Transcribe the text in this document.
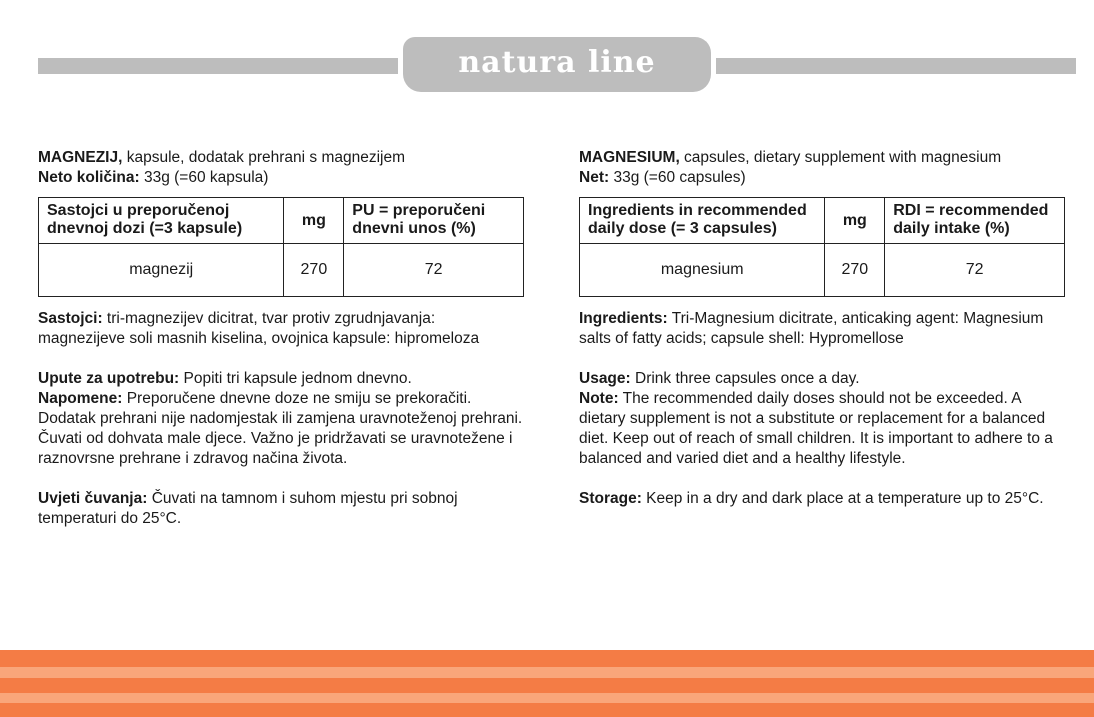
natura line

MAGNEZIJ, kapsule, dodatak prehrani s magnezijem

Neto količina: 33g (=60 kapsula)

Sastojci u preporučenoj dnevnoj dozi (=3 kapsule)	mg	PU = preporučeni dnevni unos (%)
magnezij	270	72

Sastojci: tri-magnezijev dicitrat, tvar protiv zgrudnjavanja: magnezijeve soli masnih kiselina, ovojnica kapsule: hipromeloza

Upute za upotrebu: Popiti tri kapsule jednom dnevno.

Napomene: Preporučene dnevne doze ne smiju se prekoračiti. Dodatak prehrani nije nadomjestak ili zamjena uravnoteženoj prehrani. Čuvati od dohvata male djece. Važno je pridržavati se uravnotežene i raznovrsne prehrane i zdravog načina života.

Uvjeti čuvanja: Čuvati na tamnom i suhom mjestu pri sobnoj temperaturi do 25°C.

MAGNESIUM, capsules, dietary supplement with magnesium

Net: 33g (=60 capsules)

Ingredients in recommended daily dose (= 3 capsules)	mg	RDI = recommended daily intake (%)
magnesium	270	72

Ingredients: Tri-Magnesium dicitrate, anticaking agent: Magnesium salts of fatty acids; capsule shell: Hypromellose

Usage: Drink three capsules once a day.

Note: The recommended daily doses should not be exceeded. A dietary supplement is not a substitute or replacement for a balanced diet. Keep out of reach of small children. It is important to adhere to a balanced and varied diet and a healthy lifestyle.

Storage: Keep in a dry and dark place at a temperature up to 25°C.
